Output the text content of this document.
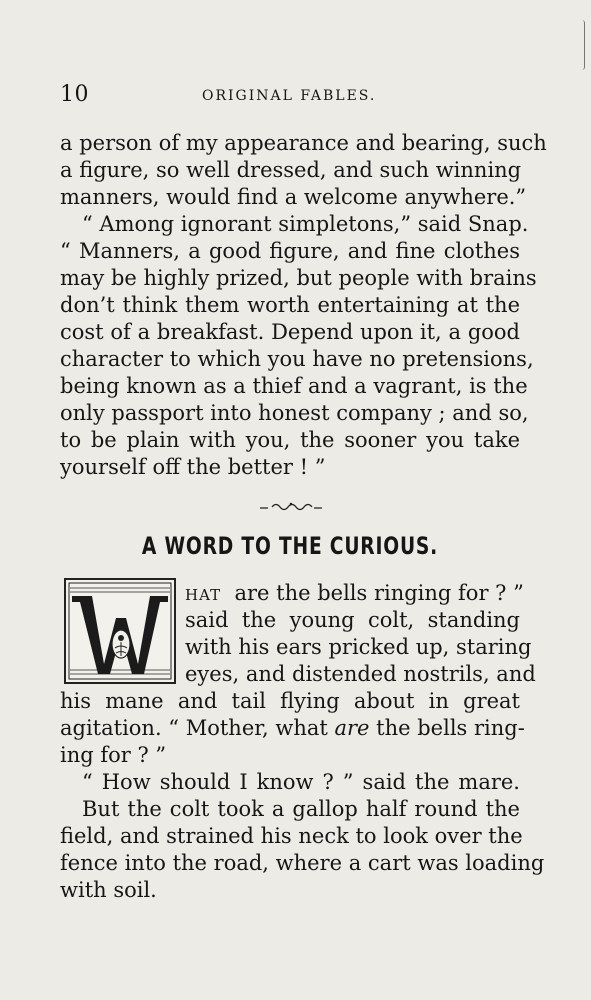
10	ORIGINAL FABLES.
a person of my appearance and bearing, such
a figure, so well dressed, and such winning
manners, would find a welcome anywhere.”
“ Among ignorant simpletons,” said Snap.
“ Manners, a good figure, and fine clothes
may be highly prized, but people with brains
don’t think them worth entertaining at the
cost of a breakfast. Depend upon it, a good
character to which you have no pretensions,
being known as a thief and a vagrant, is the
only passport into honest company ; and so,
to be plain with you, the sooner you take
yourself off the better ! ”
A WORD TO THE CURIOUS.
HAT are the bells ringing for ? ”
said the young colt, standing
with his ears pricked up, staring
eyes, and distended nostrils, and
his mane and tail flying about in great
agitation. “ Mother, what are the bells ring-
ing for ? ”
“ How should I know ? ” said the mare.
But the colt took a gallop half round the
field, and strained his neck to look over the
fence into the road, where a cart was loading
with soil.
